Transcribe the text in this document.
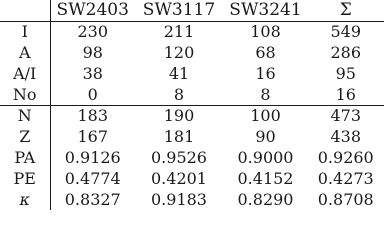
	SW2403	SW3117	SW3241	Σ
I	230	211	108	549
A	98	120	68	286
A/I	38	41	16	95
No	0	8	8	16
N	183	190	100	473
Z	167	181	90	438
PA	0.9126	0.9526	0.9000	0.9260
PE	0.4774	0.4201	0.4152	0.4273
κ	0.8327	0.9183	0.8290	0.8708
